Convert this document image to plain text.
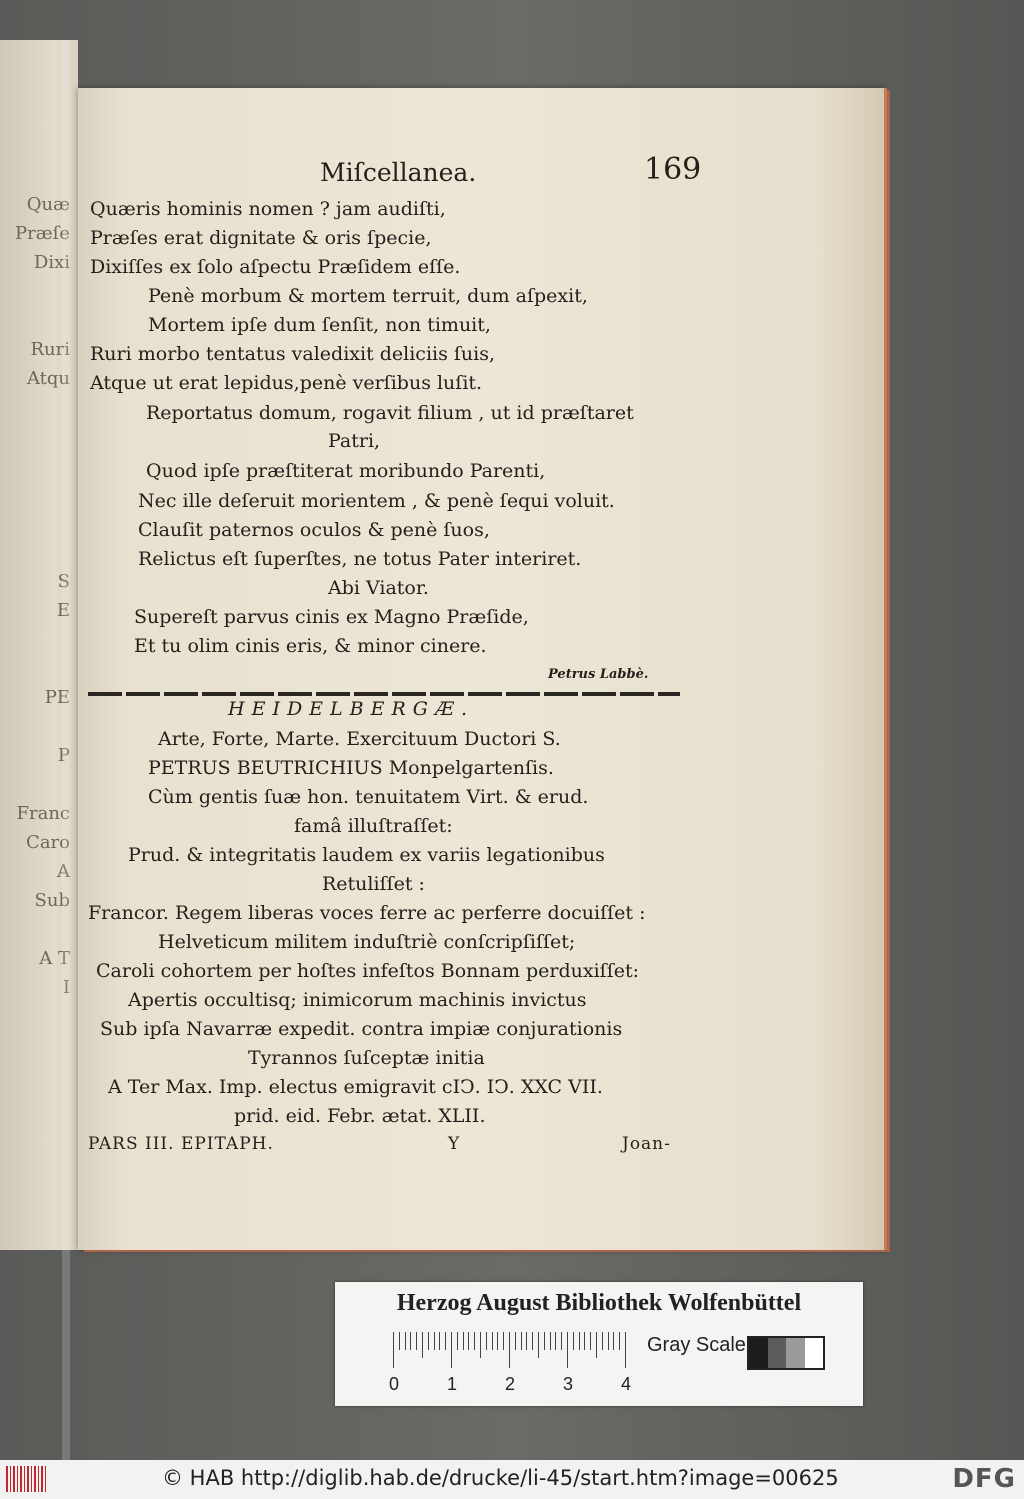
Quæ
Præſe
Dixi

Ruri
Atqu

S
E

PE

P

Franc
Caro
A
Sub

A T
I
Miſcellanea.	169
Quæris hominis nomen ? jam audiſti,
Præſes erat dignitate & oris ſpecie,
Dixiſſes ex ſolo aſpectu Præſidem eſſe.
Penè morbum & mortem terruit, dum aſpexit,
Mortem ipſe dum ſenſit, non timuit,
Ruri morbo tentatus valedixit deliciis ſuis,
Atque ut erat lepidus,penè verſibus luſit.
Reportatus domum, rogavit filium , ut id præſtaret
Patri,
Quod ipſe præſtiterat moribundo Parenti,
Nec ille deſeruit morientem , & penè ſequi voluit.
Clauſit paternos oculos & penè ſuos,
Relictus eſt ſuperſtes, ne totus Pater interiret.
Abi Viator.
Supereſt parvus cinis ex Magno Præſide,
Et tu olim cinis eris, & minor cinere.
Petrus Labbè.
HEIDELBERGÆ.
Arte, Forte, Marte. Exercituum Ductori S.
PETRUS BEUTRICHIUS Monpelgartenſis.
Cùm gentis ſuæ hon. tenuitatem Virt. & erud.
famâ illuſtraſſet:
Prud. & integritatis laudem ex variis legationibus
Retuliſſet :
Francor. Regem liberas voces ferre ac perferre docuiſſet :
Helveticum militem induſtriè conſcripſiſſet;
Caroli cohortem per hoſtes infeſtos Bonnam perduxiſſet:
Apertis occultisq; inimicorum machinis invictus
Sub ipſa Navarræ expedit. contra impiæ conjurationis
Tyrannos ſuſceptæ initia
A Ter Max. Imp. electus emigravit cIↃ. IↃ. XXC VII.
prid. eid. Febr. ætat. XLII.
PARS III. EPITAPH.	Y	Joan-
Herzog August Bibliothek Wolfenbüttel
0	1	2	3	4
Gray Scale
© HAB http://diglib.hab.de/drucke/li-45/start.htm?image=00625	DFG
